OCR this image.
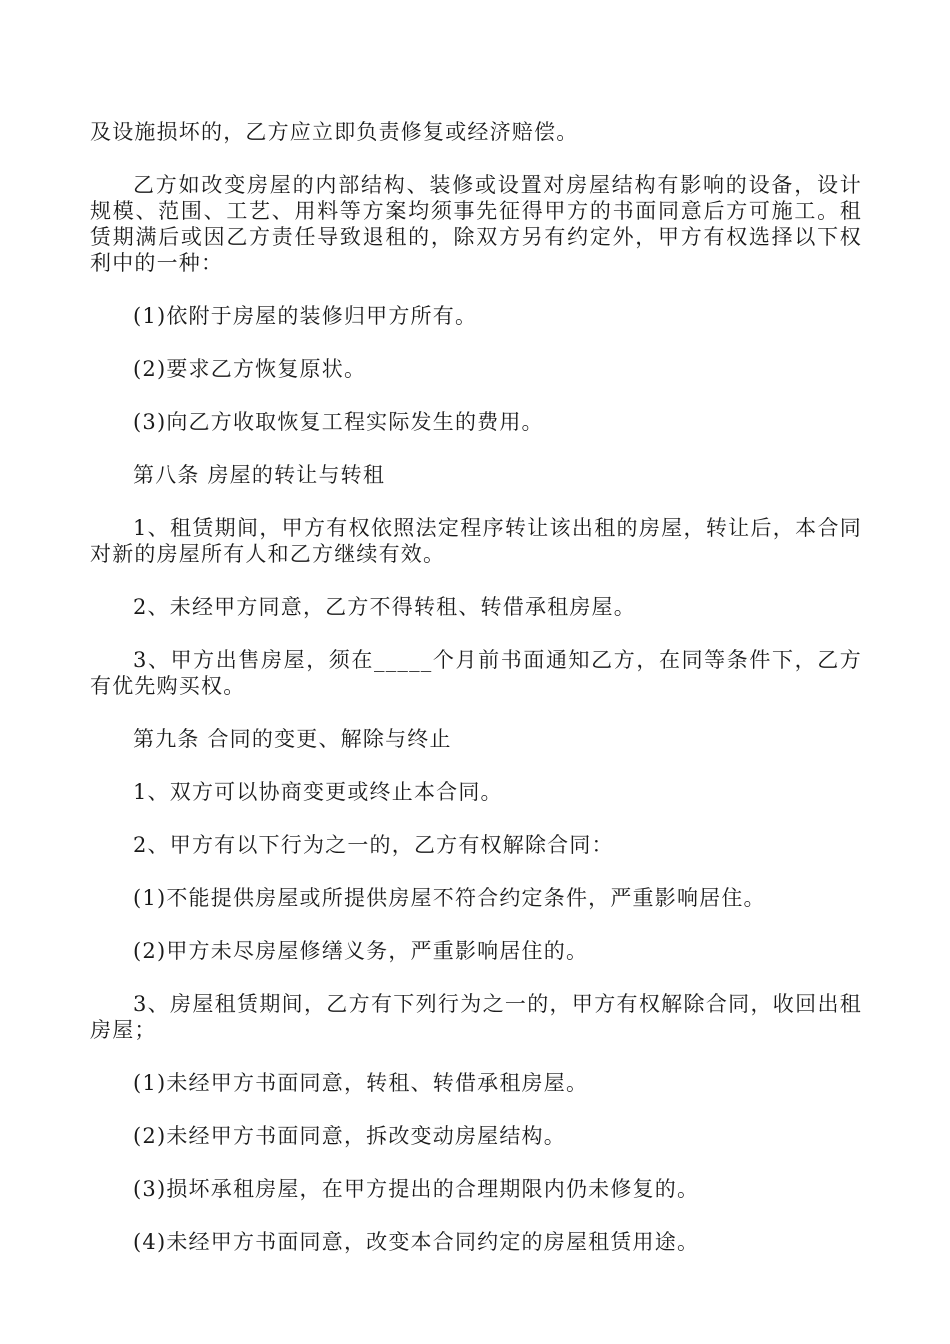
及设施损坏的，乙方应立即负责修复或经济赔偿。

乙方如改变房屋的内部结构、装修或设置对房屋结构有影响的设备，设计规模、范围、工艺、用料等方案均须事先征得甲方的书面同意后方可施工。租赁期满后或因乙方责任导致退租的，除双方另有约定外，甲方有权选择以下权利中的一种：

(1)依附于房屋的装修归甲方所有。

(2)要求乙方恢复原状。

(3)向乙方收取恢复工程实际发生的费用。

第八条 房屋的转让与转租

1、租赁期间，甲方有权依照法定程序转让该出租的房屋，转让后，本合同对新的房屋所有人和乙方继续有效。

2、未经甲方同意，乙方不得转租、转借承租房屋。

3、甲方出售房屋，须在_____个月前书面通知乙方，在同等条件下，乙方有优先购买权。

第九条 合同的变更、解除与终止

1、双方可以协商变更或终止本合同。

2、甲方有以下行为之一的，乙方有权解除合同：

(1)不能提供房屋或所提供房屋不符合约定条件，严重影响居住。

(2)甲方未尽房屋修缮义务，严重影响居住的。

3、房屋租赁期间，乙方有下列行为之一的，甲方有权解除合同，收回出租房屋；

(1)未经甲方书面同意，转租、转借承租房屋。

(2)未经甲方书面同意，拆改变动房屋结构。

(3)损坏承租房屋，在甲方提出的合理期限内仍未修复的。

(4)未经甲方书面同意，改变本合同约定的房屋租赁用途。
